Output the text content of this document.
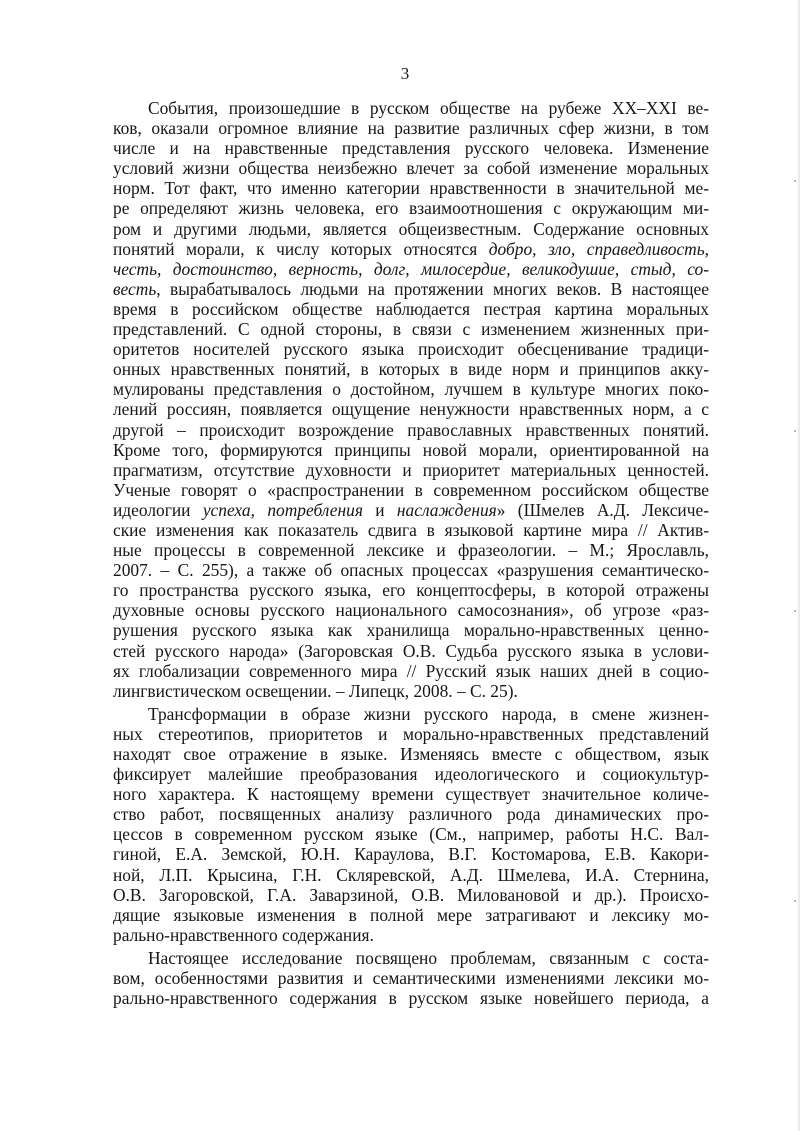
3
События, произошедшие в русском обществе на рубеже XX–XXI ве-
ков, оказали огромное влияние на развитие различных сфер жизни, в том
числе и на нравственные представления русского человека. Изменение
условий жизни общества неизбежно влечет за собой изменение моральных
норм. Тот факт, что именно категории нравственности в значительной ме-
ре определяют жизнь человека, его взаимоотношения с окружающим ми-
ром и другими людьми, является общеизвестным. Содержание основных
понятий морали, к числу которых относятся добро, зло, справедливость,
честь, достоинство, верность, долг, милосердие, великодушие, стыд, со-
весть, вырабатывалось людьми на протяжении многих веков. В настоящее
время в российском обществе наблюдается пестрая картина моральных
представлений. С одной стороны, в связи с изменением жизненных при-
оритетов носителей русского языка происходит обесценивание традици-
онных нравственных понятий, в которых в виде норм и принципов акку-
мулированы представления о достойном, лучшем в культуре многих поко-
лений россиян, появляется ощущение ненужности нравственных норм, а с
другой – происходит возрождение православных нравственных понятий.
Кроме того, формируются принципы новой морали, ориентированной на
прагматизм, отсутствие духовности и приоритет материальных ценностей.
Ученые говорят о «распространении в современном российском обществе
идеологии успеха, потребления и наслаждения» (Шмелев А.Д. Лексиче-
ские изменения как показатель сдвига в языковой картине мира // Актив-
ные процессы в современной лексике и фразеологии. – М.; Ярославль,
2007. – С. 255), а также об опасных процессах «разрушения семантическо-
го пространства русского языка, его концептосферы, в которой отражены
духовные основы русского национального самосознания», об угрозе «раз-
рушения русского языка как хранилища морально-нравственных ценно-
стей русского народа» (Загоровская О.В. Судьба русского языка в услови-
ях глобализации современного мира // Русский язык наших дней в социо-
лингвистическом освещении. – Липецк, 2008. – С. 25).
Трансформации в образе жизни русского народа, в смене жизнен-
ных стереотипов, приоритетов и морально-нравственных представлений
находят свое отражение в языке. Изменяясь вместе с обществом, язык
фиксирует малейшие преобразования идеологического и социокультур-
ного характера. К настоящему времени существует значительное количе-
ство работ, посвященных анализу различного рода динамических про-
цессов в современном русском языке (См., например, работы Н.С. Вал-
гиной, Е.А. Земской, Ю.Н. Караулова, В.Г. Костомарова, Е.В. Какори-
ной, Л.П. Крысина, Г.Н. Скляревской, А.Д. Шмелева, И.А. Стернина,
О.В. Загоровской, Г.А. Заварзиной, О.В. Миловановой и др.). Происхо-
дящие языковые изменения в полной мере затрагивают и лексику мо-
рально-нравственного содержания.
Настоящее исследование посвящено проблемам, связанным с состa-
вом, особенностями развития и семантическими изменениями лексики мо-
рально-нравственного содержания в русском языке новейшего периода, а
